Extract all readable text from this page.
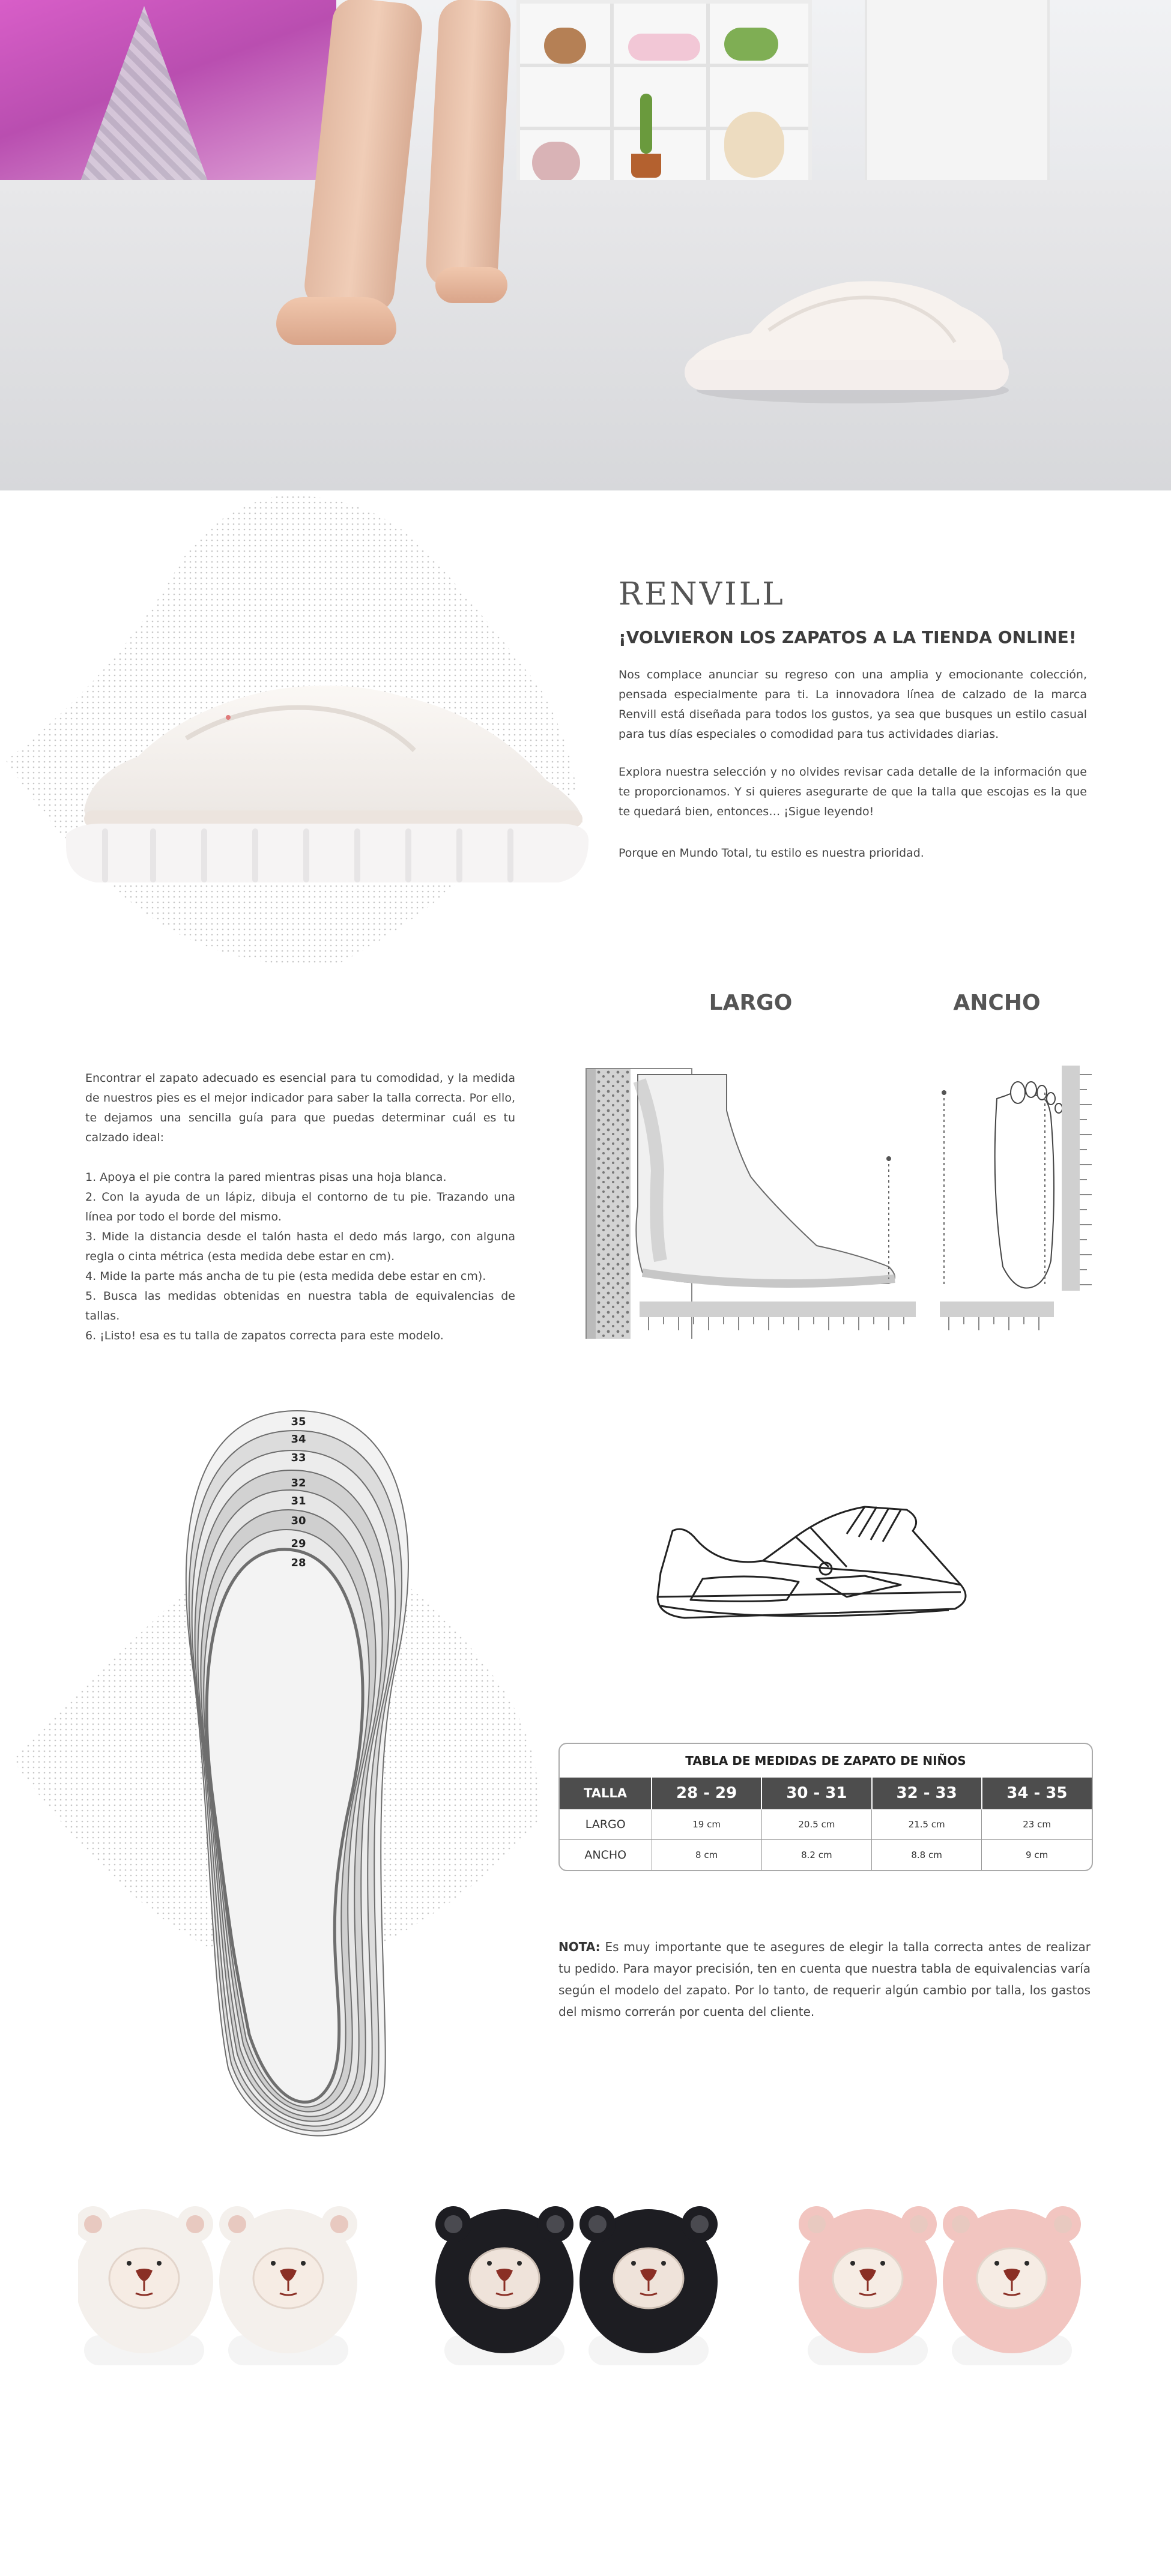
RENVILL
¡VOLVIERON LOS ZAPATOS A LA TIENDA ONLINE!
Nos complace anunciar su regreso con una amplia y emocionante colección, pensada especialmente para ti. La innovadora línea de calzado de la marca Renvill está diseñada para todos los gustos, ya sea que busques un estilo casual para tus días especiales o comodidad para tus actividades diarias.
Explora nuestra selección y no olvides revisar cada detalle de la información que te proporcionamos. Y si quieres asegurarte de que la talla que escojas es la que te quedará bien, entonces… ¡Sigue leyendo!
Porque en Mundo Total, tu estilo es nuestra prioridad.
Encontrar el zapato adecuado es esencial para tu comodidad, y la medida de nuestros pies es el mejor indicador para saber la talla correcta. Por ello, te dejamos una sencilla guía para que puedas determinar cuál es tu calzado ideal:
1. Apoya el pie contra la pared mientras pisas una hoja blanca.
2. Con la ayuda de un lápiz, dibuja el contorno de tu pie. Trazando una línea por todo el borde del mismo.
3. Mide la distancia desde el talón hasta el dedo más largo, con alguna regla o cinta métrica (esta medida debe estar en cm).
4. Mide la parte más ancha de tu pie (esta medida debe estar en cm).
5. Busca las medidas obtenidas en nuestra tabla de equivalencias de tallas.
6. ¡Listo! esa es tu talla de zapatos correcta para este modelo.
LARGO	ANCHO
35
34
33
32
31
30
29
28
TABLA DE MEDIDAS DE ZAPATO DE NIÑOS
TALLA	28 - 29	30 - 31	32 - 33	34 - 35
LARGO	19 cm	20.5 cm	21.5 cm	23 cm
ANCHO	8 cm	8.2 cm	8.8 cm	9 cm
NOTA: Es muy importante que te asegures de elegir la talla correcta antes de realizar tu pedido. Para mayor precisión, ten en cuenta que nuestra tabla de equivalencias varía según el modelo del zapato. Por lo tanto, de requerir algún cambio por talla, los gastos del mismo correrán por cuenta del cliente.
